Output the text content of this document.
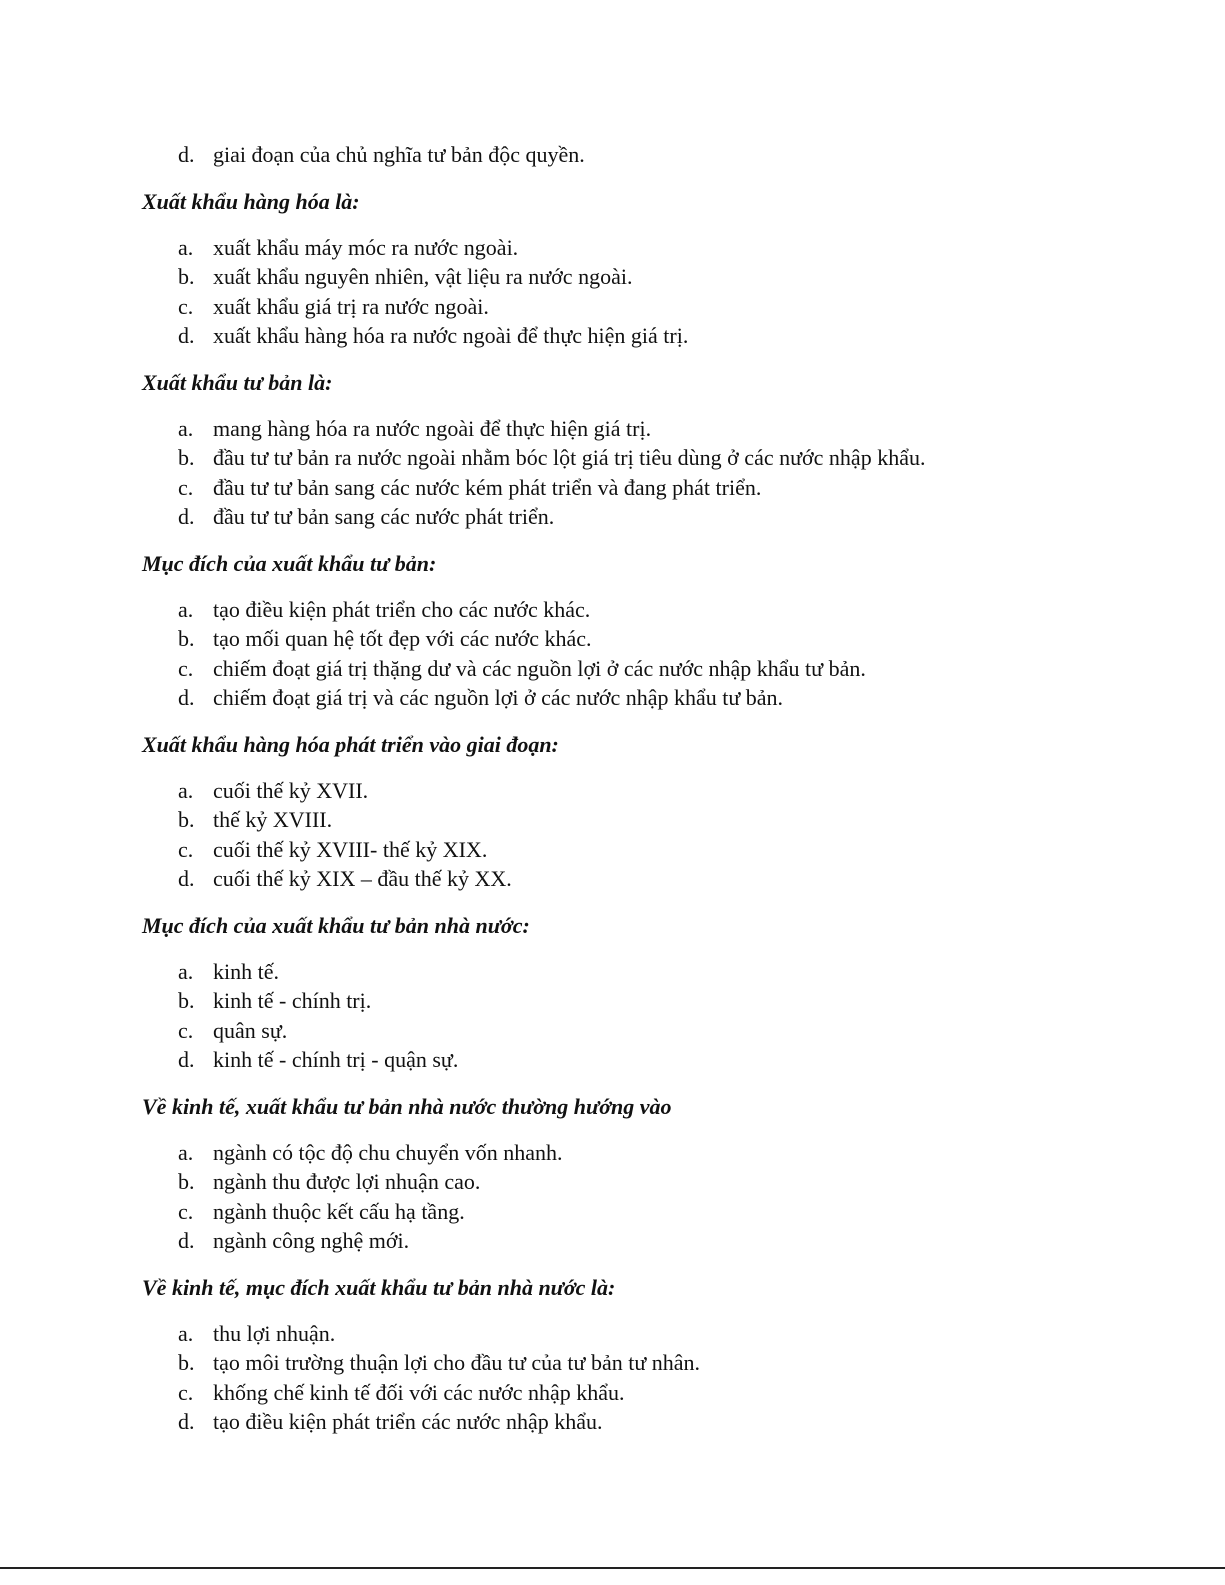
d. giai đoạn của chủ nghĩa tư bản độc quyền.

Xuất khẩu hàng hóa là:

a. xuất khẩu máy móc ra nước ngoài.
b. xuất khẩu nguyên nhiên, vật liệu ra nước ngoài.
c. xuất khẩu giá trị ra nước ngoài.
d. xuất khẩu hàng hóa ra nước ngoài để thực hiện giá trị.

Xuất khẩu tư bản là:

a. mang hàng hóa ra nước ngoài để thực hiện giá trị.
b. đầu tư tư bản ra nước ngoài nhằm bóc lột giá trị tiêu dùng ở các nước nhập khẩu.
c. đầu tư tư bản sang các nước kém phát triển và đang phát triển.
d. đầu tư tư bản sang các nước phát triển.

Mục đích của xuất khẩu tư bản:

a. tạo điều kiện phát triển cho các nước khác.
b. tạo mối quan hệ tốt đẹp với các nước khác.
c. chiếm đoạt giá trị thặng dư và các nguồn lợi ở các nước nhập khẩu tư bản.
d. chiếm đoạt giá trị và các nguồn lợi ở các nước nhập khẩu tư bản.

Xuất khẩu hàng hóa phát triển vào giai đoạn:

a. cuối thế kỷ XVII.
b. thế kỷ XVIII.
c. cuối thế kỷ XVIII- thế kỷ XIX.
d. cuối thế kỷ XIX – đầu thế kỷ XX.

Mục đích của xuất khẩu tư bản nhà nước:

a. kinh tế.
b. kinh tế - chính trị.
c. quân sự.
d. kinh tế - chính trị - quận sự.

Về kinh tế, xuất khẩu tư bản nhà nước thường hướng vào

a. ngành có tộc độ chu chuyển vốn nhanh.
b. ngành thu được lợi nhuận cao.
c. ngành thuộc kết cấu hạ tầng.
d. ngành công nghệ mới.

Về kinh tế, mục đích xuất khẩu tư bản nhà nước là:

a. thu lợi nhuận.
b. tạo môi trường thuận lợi cho đầu tư của tư bản tư nhân.
c. khống chế kinh tế đối với các nước nhập khẩu.
d. tạo điều kiện phát triển các nước nhập khẩu.
